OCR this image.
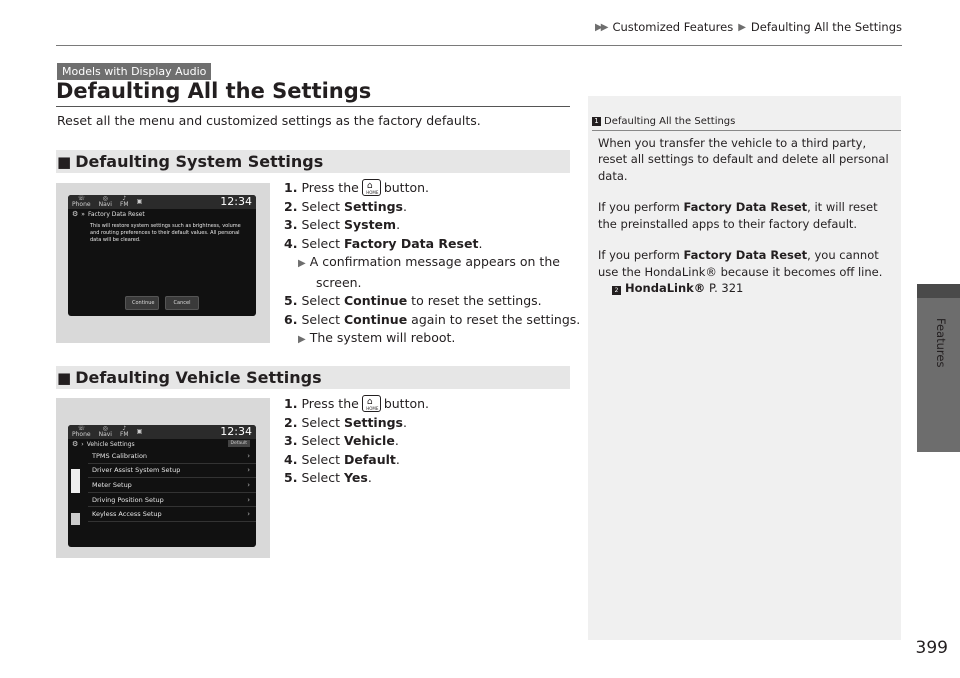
▶▶ Customized Features ▶ Defaulting All the Settings
Features
399
Models with Display Audio
Defaulting All the Settings

Reset all the menu and customized settings as the factory defaults.

■ Defaulting System Settings
☏
Phone
◎
Navi
♪
FM ▣	12:34
⚙ » Factory Data Reset
This will restore system settings such as brightness, volume and routing preferences to their default values. All personal data will be cleared.
Continue	Cancel
1. Press the ⌂
HOME button.
2. Select Settings.
3. Select System.
4. Select Factory Data Reset.
▶ A confirmation message appears on the
screen.
5. Select Continue to reset the settings.
6. Select Continue again to reset the settings.
▶ The system will reboot.
■ Defaulting Vehicle Settings
☏
Phone
◎
Navi
♪
FM ▣	12:34
⚙ › Vehicle Settings	Default
TPMS Calibration	›
Driver Assist System Setup	›
Meter Setup	›
Driving Position Setup	›
Keyless Access Setup	›
1. Press the ⌂
HOME button.
2. Select Settings.
3. Select Vehicle.
4. Select Default.
5. Select Yes.
1 Defaulting All the Settings

When you transfer the vehicle to a third party, reset all settings to default and delete all personal data.

If you perform Factory Data Reset, it will reset the preinstalled apps to their factory default.

If you perform Factory Data Reset, you cannot use the HondaLink® because it becomes off line.

2 HondaLink® P. 321
